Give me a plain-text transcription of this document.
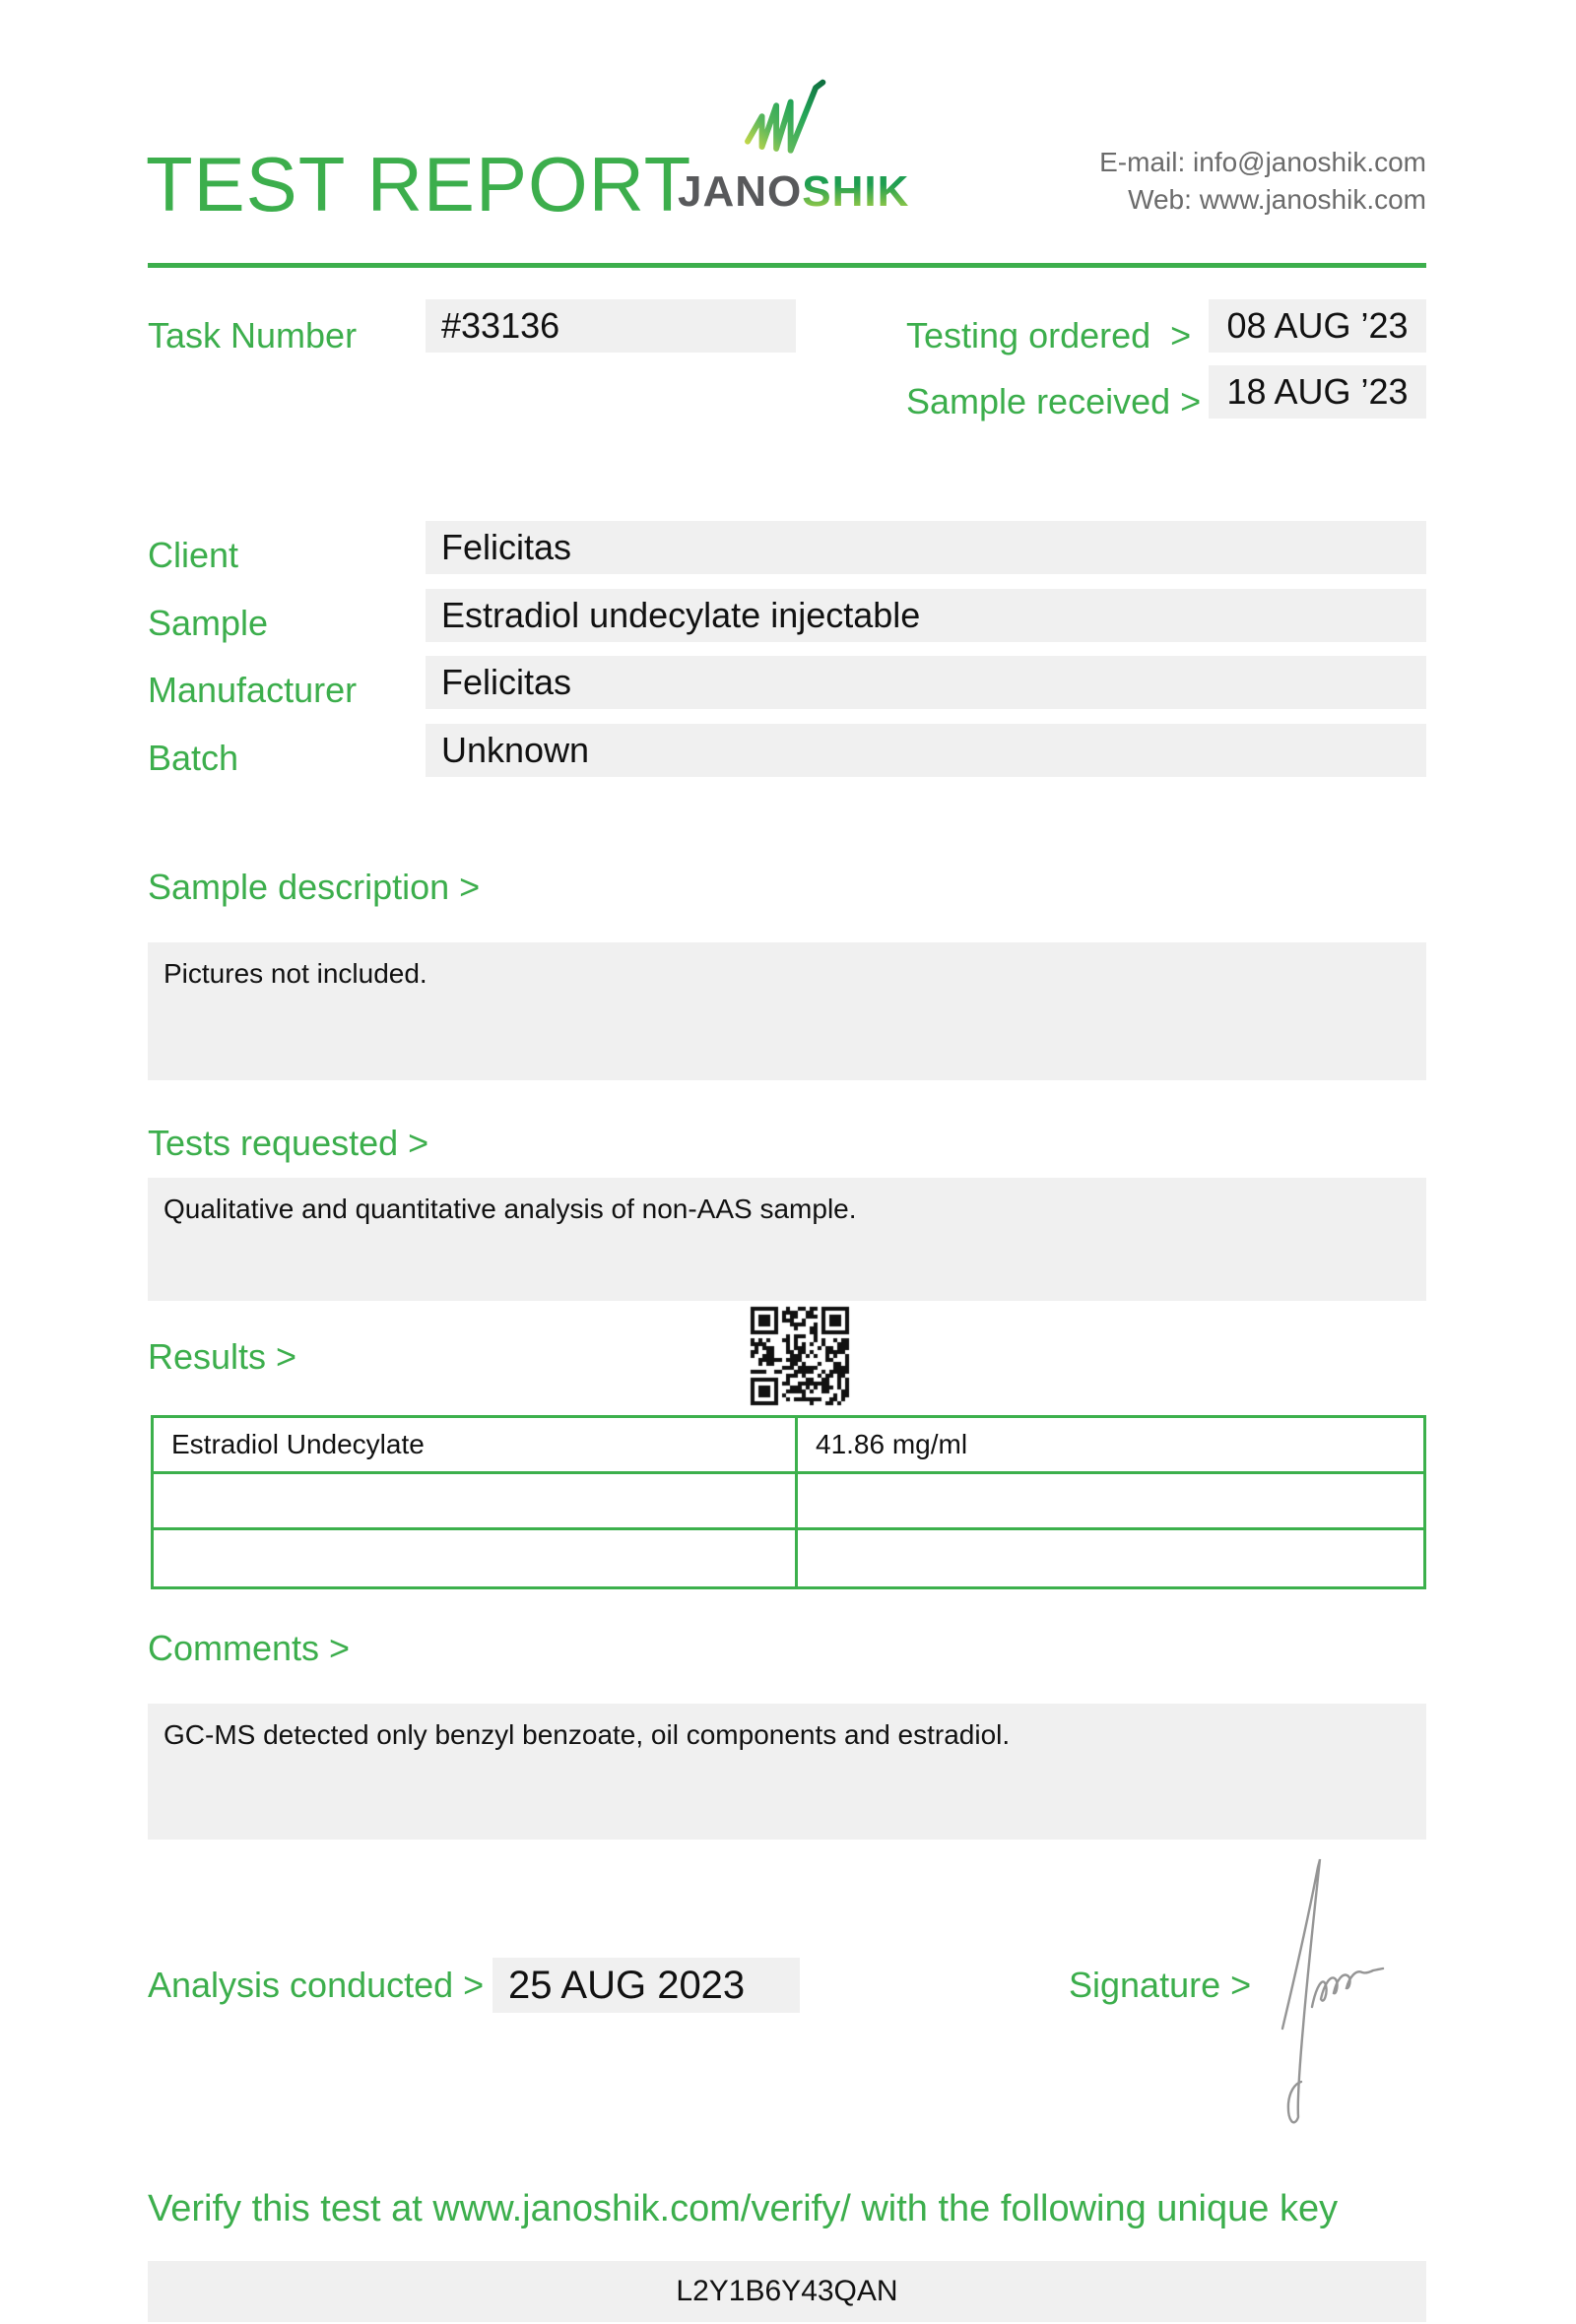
TEST REPORT
JANOSHIK
E-mail: info@janoshik.com
Web: www.janoshik.com
Task Number	#33136	Testing ordered  >	08 AUG ’23
Sample received > 18 AUG ’23
Client	Felicitas
Sample	Estradiol undecylate injectable
Manufacturer	Felicitas
Batch	Unknown
Sample description >
Pictures not included.
Tests requested >
Qualitative and quantitative analysis of non-AAS sample.
Results >
Estradiol Undecylate	41.86 mg/ml
Comments >
GC-MS detected only benzyl benzoate, oil components and estradiol.
Analysis conducted > 25 AUG 2023	Signature >
Verify this test at www.janoshik.com/verify/ with the following unique key
L2Y1B6Y43QAN
